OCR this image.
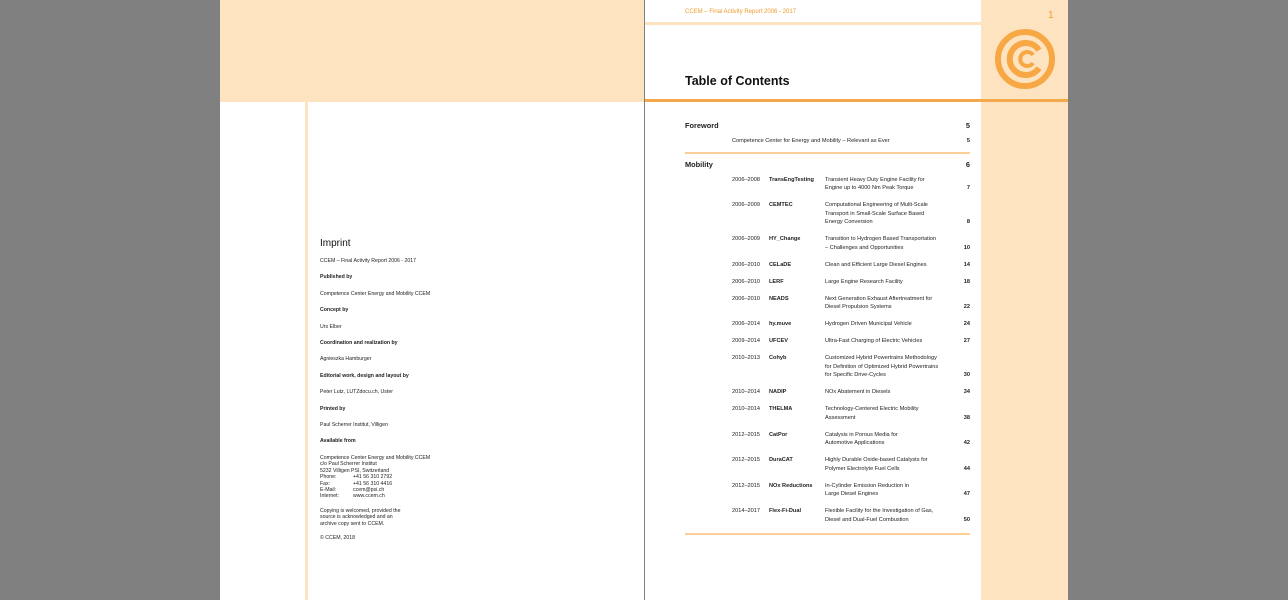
Imprint
CCEM – Final Activity Report 2006 - 2017
Published by
Competence Center Energy and Mobility CCEM
Concept by
Urs Elber
Coordination and realization by
Agnieszka Hamburger
Editorial work, design and layout by
Peter Lutz, LUTZdocu.ch, Uster
Printed by
Paul Scherrer Institut, Villigen
Available from
Competence Center Energy and Mobility CCEM
c/o Paul Scherrer Institut
5232 Villigen PSI, Switzerland
Phone:	+41 56 310 2792
Fax:	+41 56 310 4416
E-Mail:	ccem@psi.ch
Internet:	www.ccem.ch
Copying is welcomed, provided the
source is acknowledged and an
archive copy sent to CCEM.
© CCEM, 2018
CCEM – Final Activity Report 2006 - 2017	1
Table of Contents
Foreword	5
Competence Center for Energy and Mobility – Relevant as Ever	5
Mobility	6
2006–2008	TransEngTesting	Transient Heavy Duty Engine Facility for
Engine up to 4000 Nm Peak Torque	7
2006–2009	CEMTEC	Computational Engineering of Multi-Scale
Transport in Small-Scale Surface Based
Energy Conversion	8
2006–2009	HY_Change	Transition to Hydrogen Based Transportation
– Challenges and Opportunities	10
2006–2010	CELaDE	Clean and Efficient Large Diesel Engines	14
2006–2010	LERF	Large Engine Research Facility	18
2006–2010	NEADS	Next Generation Exhaust Aftertreatment for
Diesel Propulsion Systems	22
2006–2014	hy.muve	Hydrogen Driven Municipal Vehicle	24
2009–2014	UFCEV	Ultra-Fast Charging of Electric Vehicles	27
2010–2013	Cohyb	Customized Hybrid Powertrains Methodology
for Definition of Optimized Hybrid Powertrains
for Specific Drive-Cycles	30
2010–2014	NADIP	NOx Abatement in Diesels	34
2010–2014	THELMA	Technology-Centered Electric Mobility
Assessment	38
2012–2015	CatPor	Catalysis in Porous Media for
Automotive Applications	42
2012–2015	DuraCAT	Highly Durable Oxide-based Catalysts for
Polymer Electrolyte Fuel Cells	44
2012–2015	NOx Reductions	In-Cylinder Emission Reduction in
Large Diesel Engines	47
2014–2017	Flex-Fi-Dual	Flexible Facility for the Investigation of Gas,
Diesel and Dual-Fuel Combustion	50
